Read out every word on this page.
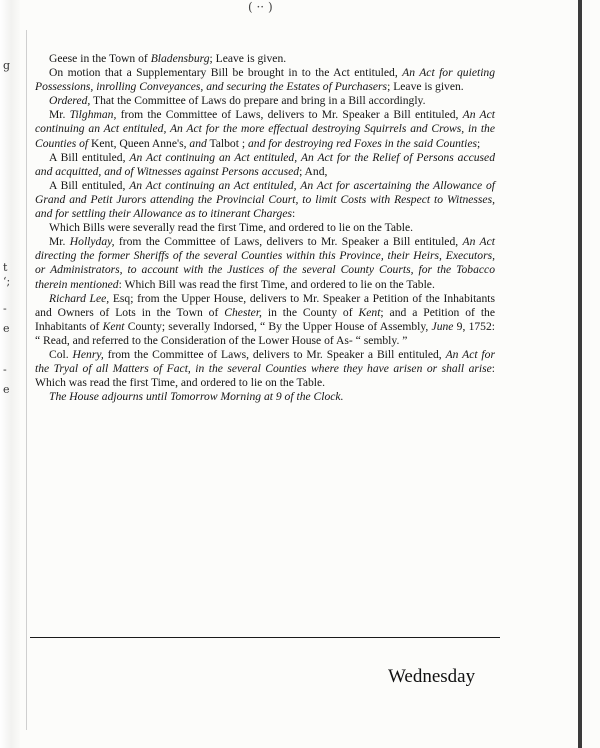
g
t
ʻ;
-
e
-
e
( ·· )

Geese in the Town of Bladensburg; Leave is given.

On motion that a Supplementary Bill be brought in to the Act entituled, An Act for quieting Possessions, inrolling Conveyances, and securing the Estates of Purchasers; Leave is given.

Ordered, That the Committee of Laws do prepare and bring in a Bill accordingly.

Mr. Tilghman, from the Committee of Laws, delivers to Mr. Speaker a Bill entituled, An Act continuing an Act entituled, An Act for the more effectual destroying Squirrels and Crows, in the Counties of Kent, Queen Anne's, and Talbot ; and for destroying red Foxes in the said Counties;

A Bill entituled, An Act continuing an Act entituled, An Act for the Relief of Persons accused and acquitted, and of Witnesses against Persons accused; And,

A Bill entituled, An Act continuing an Act entituled, An Act for ascertaining the Allowance of Grand and Petit Jurors attending the Provincial Court, to limit Costs with Respect to Witnesses, and for settling their Allowance as to itinerant Charges:

Which Bills were severally read the first Time, and ordered to lie on the Table.

Mr. Hollyday, from the Committee of Laws, delivers to Mr. Speaker a Bill entituled, An Act directing the former Sheriffs of the several Counties within this Province, their Heirs, Executors, or Administrators, to account with the Justices of the several County Courts, for the Tobacco therein mentioned: Which Bill was read the first Time, and ordered to lie on the Table.

Richard Lee, Esq; from the Upper House, delivers to Mr. Speaker a Petition of the Inhabitants and Owners of Lots in the Town of Chester, in the County of Kent; and a Petition of the Inhabitants of Kent County; severally Indorsed, “ By the Upper House of Assembly, June 9, 1752: “ Read, and referred to the Consideration of the Lower House of As- “ sembly. ”

Col. Henry, from the Committee of Laws, delivers to Mr. Speaker a Bill entituled, An Act for the Tryal of all Matters of Fact, in the several Counties where they have arisen or shall arise: Which was read the first Time, and ordered to lie on the Table.

The House adjourns until Tomorrow Morning at 9 of the Clock.

Wednesday
